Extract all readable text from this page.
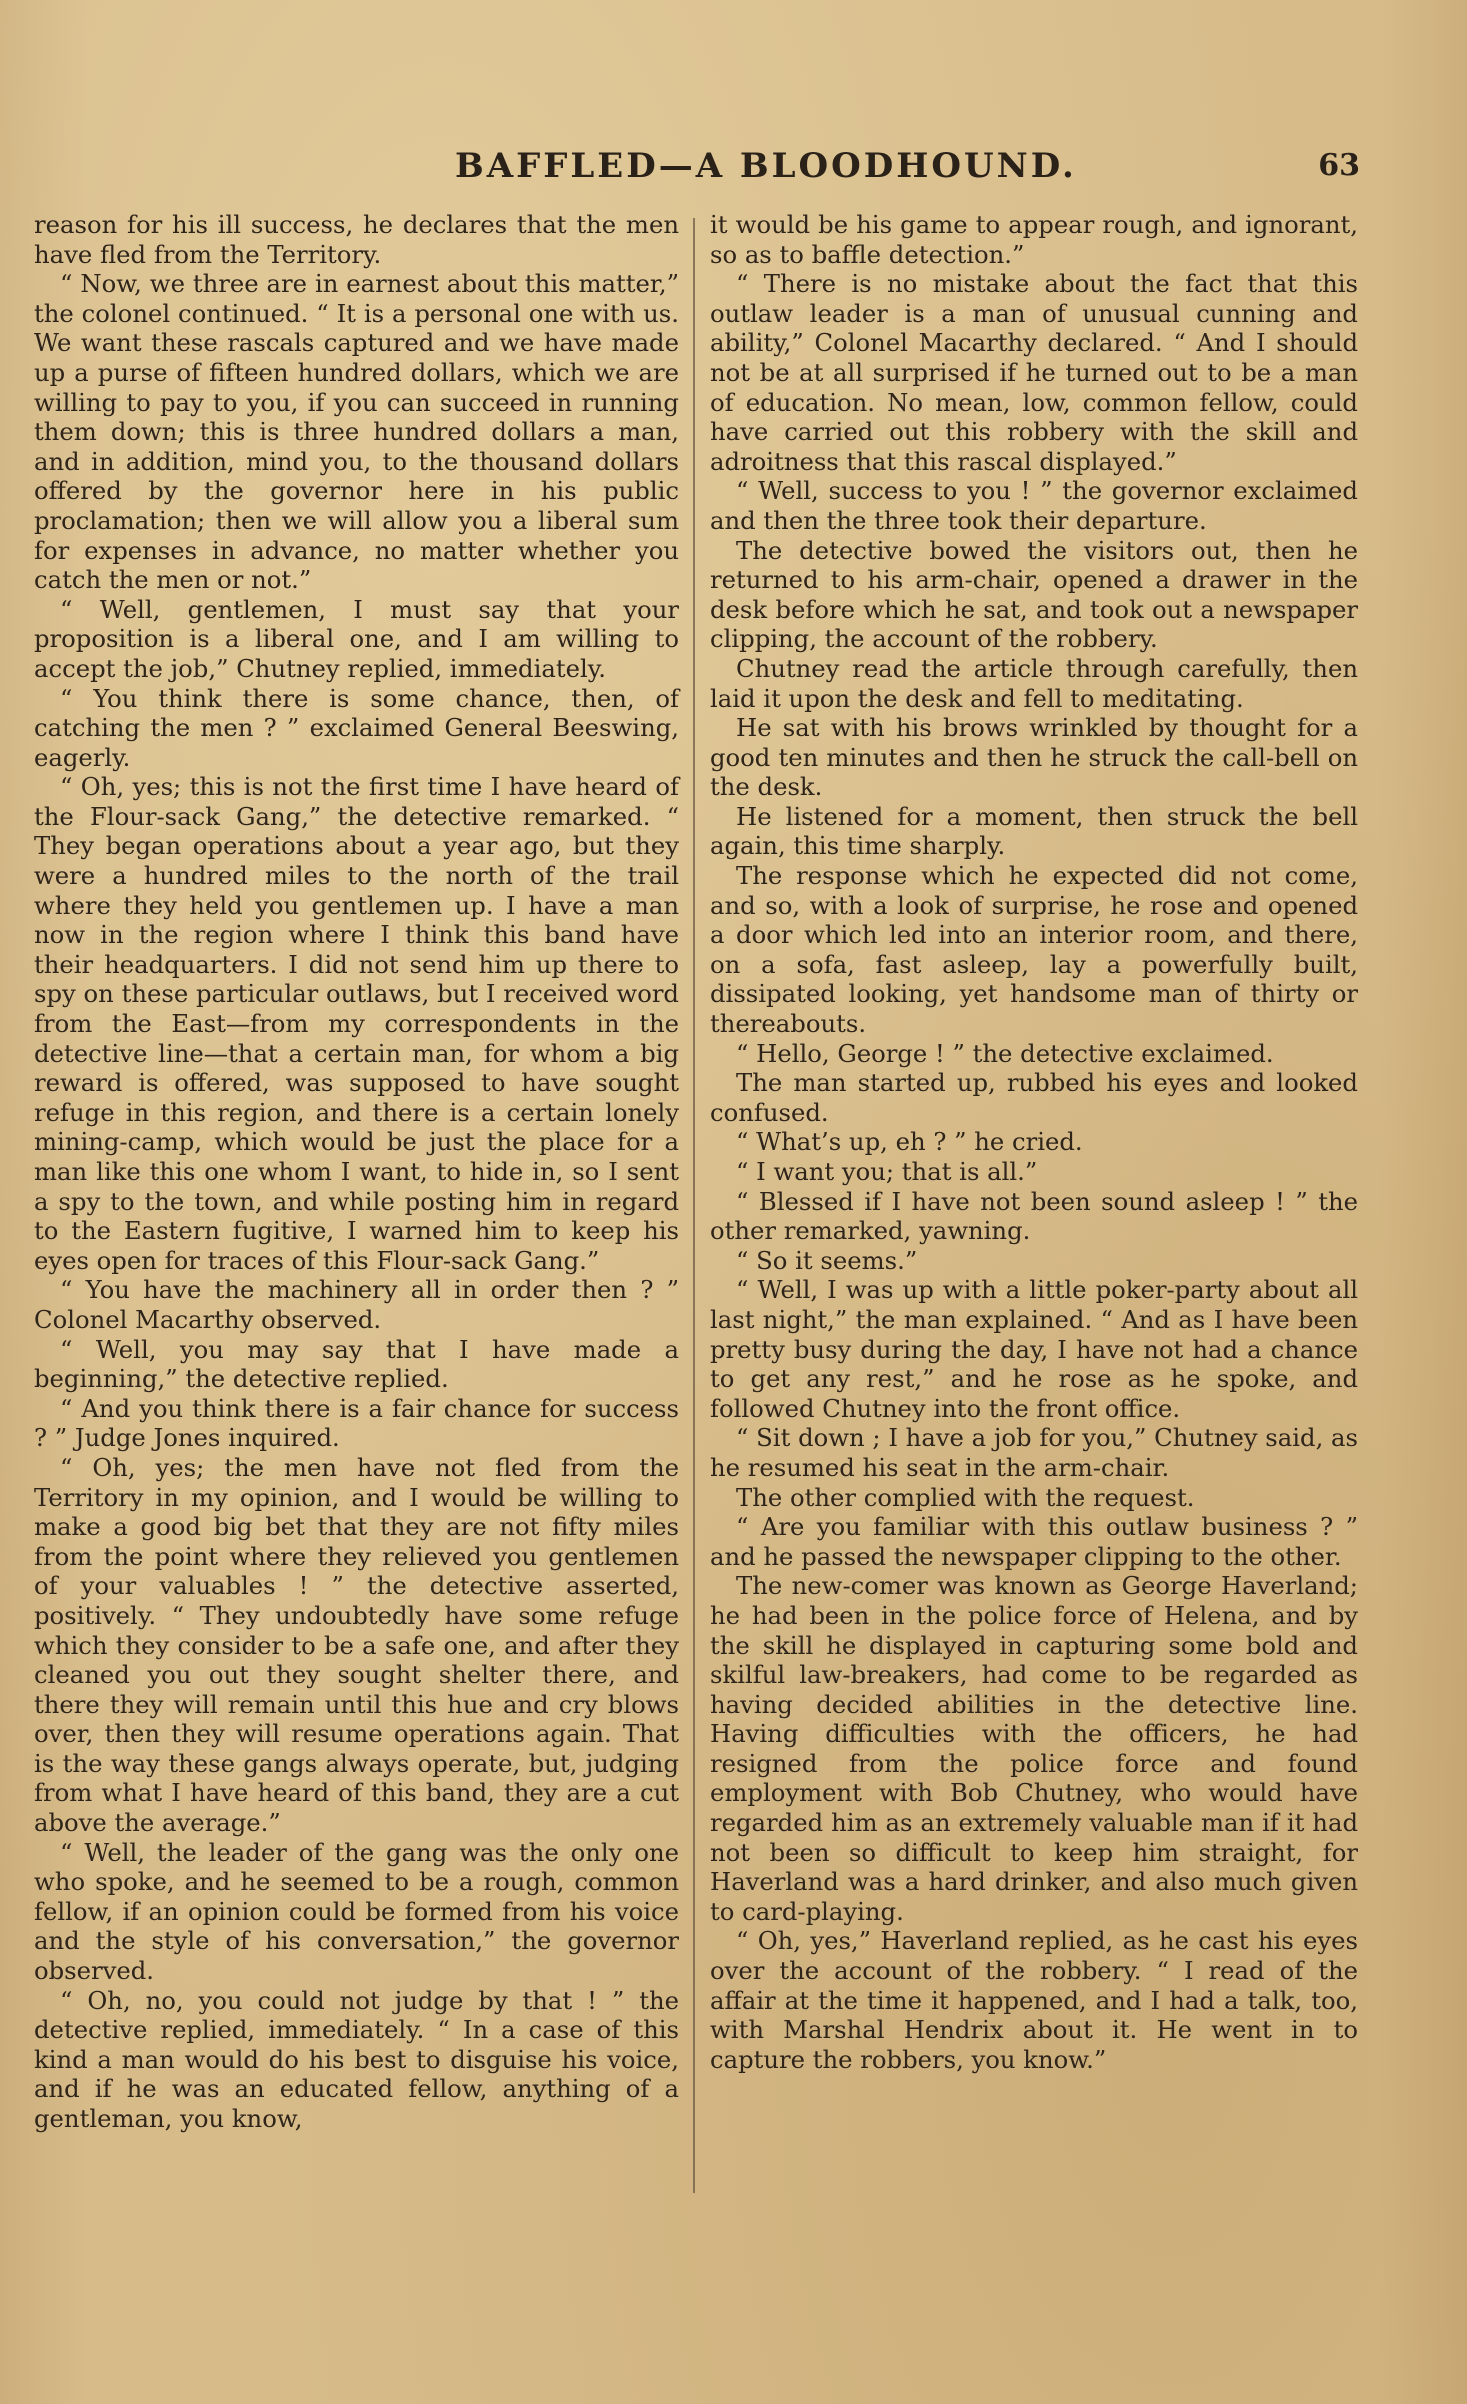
BAFFLED—A BLOODHOUND.	63

reason for his ill success, he declares that the men have fled from the Territory.

“ Now, we three are in earnest about this matter,” the colonel continued. “ It is a personal one with us. We want these rascals captured and we have made up a purse of fifteen hundred dollars, which we are willing to pay to you, if you can succeed in running them down; this is three hundred dollars a man, and in addition, mind you, to the thousand dollars offered by the governor here in his public proclamation; then we will allow you a liberal sum for expenses in advance, no matter whether you catch the men or not.”

“ Well, gentlemen, I must say that your proposition is a liberal one, and I am willing to accept the job,” Chutney replied, immediately.

“ You think there is some chance, then, of catching the men ? ” exclaimed General Beeswing, eagerly.

“ Oh, yes; this is not the first time I have heard of the Flour-sack Gang,” the detective remarked. “ They began operations about a year ago, but they were a hundred miles to the north of the trail where they held you gentlemen up. I have a man now in the region where I think this band have their headquarters. I did not send him up there to spy on these particular outlaws, but I received word from the East—from my correspondents in the detective line—that a certain man, for whom a big reward is offered, was supposed to have sought refuge in this region, and there is a certain lonely mining-camp, which would be just the place for a man like this one whom I want, to hide in, so I sent a spy to the town, and while posting him in regard to the Eastern fugitive, I warned him to keep his eyes open for traces of this Flour-sack Gang.”

“ You have the machinery all in order then ? ” Colonel Macarthy observed.

“ Well, you may say that I have made a beginning,” the detective replied.

“ And you think there is a fair chance for success ? ” Judge Jones inquired.

“ Oh, yes; the men have not fled from the Territory in my opinion, and I would be willing to make a good big bet that they are not fifty miles from the point where they relieved you gentlemen of your valuables ! ” the detective asserted, positively. “ They undoubtedly have some refuge which they consider to be a safe one, and after they cleaned you out they sought shelter there, and there they will remain until this hue and cry blows over, then they will resume operations again. That is the way these gangs always operate, but, judging from what I have heard of this band, they are a cut above the average.”

“ Well, the leader of the gang was the only one who spoke, and he seemed to be a rough, common fellow, if an opinion could be formed from his voice and the style of his conversation,” the governor observed.

“ Oh, no, you could not judge by that ! ” the detective replied, immediately. “ In a case of this kind a man would do his best to disguise his voice, and if he was an educated fellow, anything of a gentleman, you know,

it would be his game to appear rough, and ignorant, so as to baffle detection.”

“ There is no mistake about the fact that this outlaw leader is a man of unusual cunning and ability,” Colonel Macarthy declared. “ And I should not be at all surprised if he turned out to be a man of education. No mean, low, common fellow, could have carried out this robbery with the skill and adroitness that this rascal displayed.”

“ Well, success to you ! ” the governor exclaimed and then the three took their departure.

The detective bowed the visitors out, then he returned to his arm-chair, opened a drawer in the desk before which he sat, and took out a newspaper clipping, the account of the robbery.

Chutney read the article through carefully, then laid it upon the desk and fell to meditating.

He sat with his brows wrinkled by thought for a good ten minutes and then he struck the call-bell on the desk.

He listened for a moment, then struck the bell again, this time sharply.

The response which he expected did not come, and so, with a look of surprise, he rose and opened a door which led into an interior room, and there, on a sofa, fast asleep, lay a powerfully built, dissipated looking, yet handsome man of thirty or thereabouts.

“ Hello, George ! ” the detective exclaimed.

The man started up, rubbed his eyes and looked confused.

“ What’s up, eh ? ” he cried.

“ I want you; that is all.”

“ Blessed if I have not been sound asleep ! ” the other remarked, yawning.

“ So it seems.”

“ Well, I was up with a little poker-party about all last night,” the man explained. “ And as I have been pretty busy during the day, I have not had a chance to get any rest,” and he rose as he spoke, and followed Chutney into the front office.

“ Sit down ; I have a job for you,” Chutney said, as he resumed his seat in the arm-chair.

The other complied with the request.

“ Are you familiar with this outlaw business ? ” and he passed the newspaper clipping to the other.

The new-comer was known as George Haverland; he had been in the police force of Helena, and by the skill he displayed in capturing some bold and skilful law-breakers, had come to be regarded as having decided abilities in the detective line. Having difficulties with the officers, he had resigned from the police force and found employment with Bob Chutney, who would have regarded him as an extremely valuable man if it had not been so difficult to keep him straight, for Haverland was a hard drinker, and also much given to card-playing.

“ Oh, yes,” Haverland replied, as he cast his eyes over the account of the robbery. “ I read of the affair at the time it happened, and I had a talk, too, with Marshal Hendrix about it. He went in to capture the robbers, you know.”
